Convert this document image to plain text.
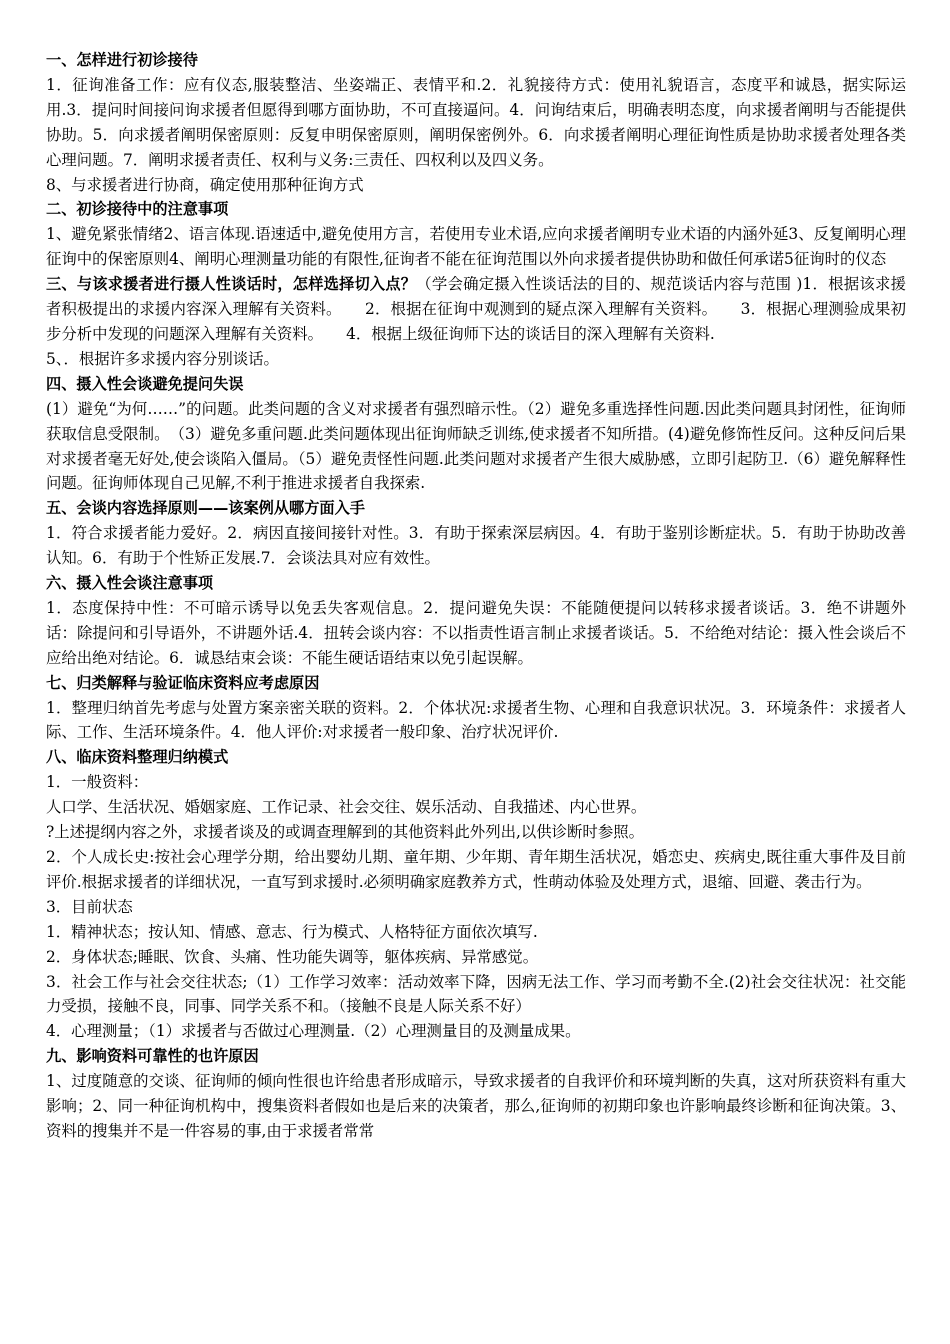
一、怎样进行初诊接待

1．征询准备工作：应有仪态,服装整洁、坐姿端正、表情平和.2．礼貌接待方式：使用礼貌语言，态度平和诚恳，据实际运用.3．提问时间接问询求援者但愿得到哪方面协助，不可直接逼问。4．问询结束后，明确表明态度，向求援者阐明与否能提供协助。5．向求援者阐明保密原则：反复申明保密原则，阐明保密例外。6．向求援者阐明心理征询性质是协助求援者处理各类心理问题。7．阐明求援者责任、权利与义务:三责任、四权利以及四义务。

8、与求援者进行协商，确定使用那种征询方式

二、初诊接待中的注意事项

1、避免紧张情绪2、语言体现.语速适中,避免使用方言，若使用专业术语,应向求援者阐明专业术语的内涵外延3、反复阐明心理征询中的保密原则4、阐明心理测量功能的有限性,征询者不能在征询范围以外向求援者提供协助和做任何承诺5征询时的仪态

三、与该求援者进行摄人性谈话时，怎样选择切入点？（学会确定摄入性谈话法的目的、规范谈话内容与范围 )1．根据该求援者积极提出的求援内容深入理解有关资料。　　2．根据在征询中观测到的疑点深入理解有关资料。　　3．根据心理测验成果初步分析中发现的问题深入理解有关资料。　　4．根据上级征询师下达的谈话目的深入理解有关资料.

5、．根据许多求援内容分别谈话。

四、摄入性会谈避免提问失误

(1）避免“为何……”的问题。此类问题的含义对求援者有强烈暗示性。（2）避免多重选择性问题.因此类问题具封闭性，征询师获取信息受限制。　（3）避免多重问题.此类问题体现出征询师缺乏训练,使求援者不知所措。(4)避免修饰性反问。这种反问后果对求援者毫无好处,使会谈陷入僵局。（5）避免责怪性问题.此类问题对求援者产生很大威胁感，立即引起防卫.（6）避免解释性问题。征询师体现自己见解,不利于推进求援者自我探索.

五、会谈内容选择原则——该案例从哪方面入手

1．符合求援者能力爱好。2．病因直接间接针对性。3．有助于探索深层病因。4．有助于鉴别诊断症状。5．有助于协助改善认知。6．有助于个性矫正发展.7．会谈法具对应有效性。

六、摄入性会谈注意事项

1．态度保持中性：不可暗示诱导以免丢失客观信息。2．提问避免失误：不能随便提问以转移求援者谈话。3．绝不讲题外话：除提问和引导语外，不讲题外话.4．扭转会谈内容：不以指责性语言制止求援者谈话。5．不给绝对结论：摄入性会谈后不应给出绝对结论。6．诚恳结束会谈：不能生硬话语结束以免引起误解。

七、归类解释与验证临床资料应考虑原因

1．整理归纳首先考虑与处置方案亲密关联的资料。2．个体状况:求援者生物、心理和自我意识状况。3．环境条件：求援者人际、工作、生活环境条件。4．他人评价:对求援者一般印象、治疗状况评价.

八、临床资料整理归纳模式

1．一般资料：

人口学、生活状况、婚姻家庭、工作记录、社会交往、娱乐活动、自我描述、内心世界。

?上述提纲内容之外，求援者谈及的或调查理解到的其他资料此外列出,以供诊断时参照。

2．个人成长史:按社会心理学分期，给出婴幼儿期、童年期、少年期、青年期生活状况，婚恋史、疾病史,既往重大事件及目前评价.根据求援者的详细状况，一直写到求援时.必须明确家庭教养方式，性萌动体验及处理方式，退缩、回避、袭击行为。

3．目前状态

1．精神状态；按认知、情感、意志、行为模式、人格特征方面依次填写.

2．身体状态;睡眠、饮食、头痛、性功能失调等，躯体疾病、异常感觉。

3．社会工作与社会交往状态;（1）工作学习效率：活动效率下降，因病无法工作、学习而考勤不全.(2)社会交往状况：社交能力受损，接触不良，同事、同学关系不和。（接触不良是人际关系不好）

4．心理测量；（1）求援者与否做过心理测量.（2）心理测量目的及测量成果。

九、影响资料可靠性的也许原因

1、过度随意的交谈、征询师的倾向性很也许给患者形成暗示，导致求援者的自我评价和环境判断的失真，这对所获资料有重大影响；2、同一种征询机构中，搜集资料者假如也是后来的决策者，那么,征询师的初期印象也许影响最终诊断和征询决策。3、资料的搜集并不是一件容易的事,由于求援者常常
